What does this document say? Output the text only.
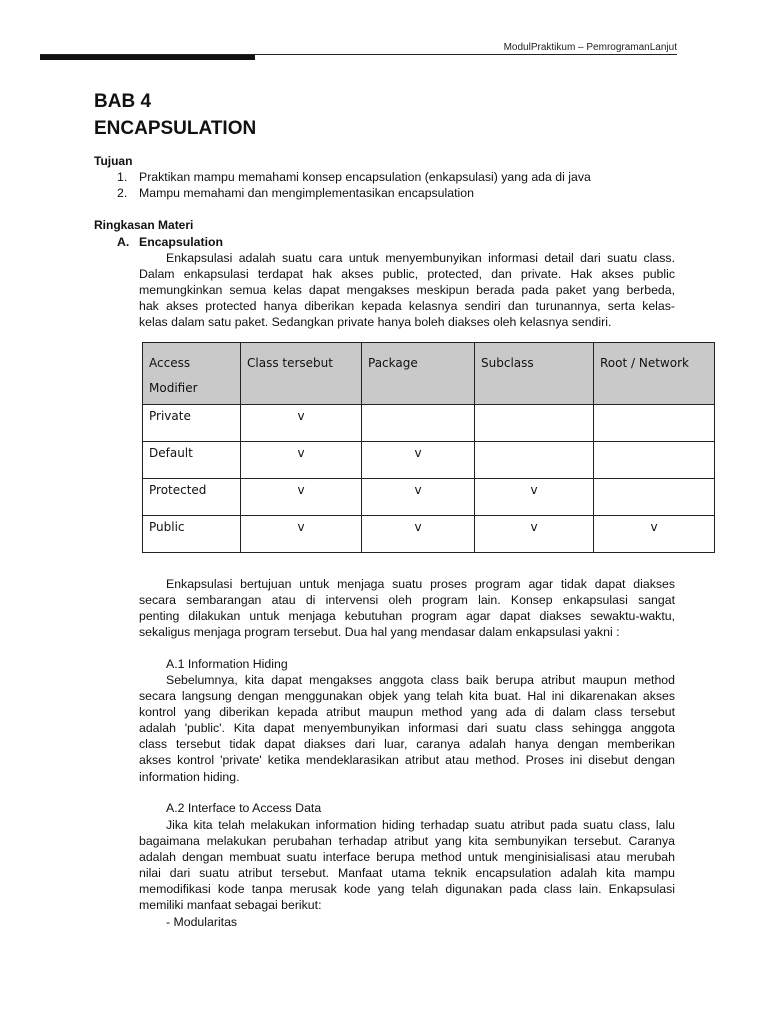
ModulPraktikum – PemrogramanLanjut
BAB 4
ENCAPSULATION
Tujuan
1. Praktikan mampu memahami konsep encapsulation (enkapsulasi) yang ada di java
2. Mampu memahami dan mengimplementasikan encapsulation
Ringkasan Materi
A. Encapsulation
Enkapsulasi adalah suatu cara untuk menyembunyikan informasi detail dari suatu class.
Dalam enkapsulasi terdapat hak akses public, protected, dan private. Hak akses public
memungkinkan semua kelas dapat mengakses meskipun berada pada paket yang berbeda,
hak akses protected hanya diberikan kepada kelasnya sendiri dan turunannya, serta kelas-
kelas dalam satu paket. Sedangkan private hanya boleh diakses oleh kelasnya sendiri.
Access Modifier	Class tersebut	Package	Subclass	Root / Network
Private	v			
Default	v	v		
Protected	v	v	v	
Public	v	v	v	v
Enkapsulasi bertujuan untuk menjaga suatu proses program agar tidak dapat diakses
secara sembarangan atau di intervensi oleh program lain. Konsep enkapsulasi sangat
penting dilakukan untuk menjaga kebutuhan program agar dapat diakses sewaktu-waktu,
sekaligus menjaga program tersebut. Dua hal yang mendasar dalam enkapsulasi yakni :
A.1 Information Hiding
Sebelumnya, kita dapat mengakses anggota class baik berupa atribut maupun method
secara langsung dengan menggunakan objek yang telah kita buat. Hal ini dikarenakan akses
kontrol yang diberikan kepada atribut maupun method yang ada di dalam class tersebut
adalah 'public'. Kita dapat menyembunyikan informasi dari suatu class sehingga anggota
class tersebut tidak dapat diakses dari luar, caranya adalah hanya dengan memberikan
akses kontrol 'private' ketika mendeklarasikan atribut atau method. Proses ini disebut dengan
information hiding.
A.2 Interface to Access Data
Jika kita telah melakukan information hiding terhadap suatu atribut pada suatu class, lalu
bagaimana melakukan perubahan terhadap atribut yang kita sembunyikan tersebut. Caranya
adalah dengan membuat suatu interface berupa method untuk menginisialisasi atau merubah
nilai dari suatu atribut tersebut. Manfaat utama teknik encapsulation adalah kita mampu
memodifikasi kode tanpa merusak kode yang telah digunakan pada class lain. Enkapsulasi
memiliki manfaat sebagai berikut:
- Modularitas
